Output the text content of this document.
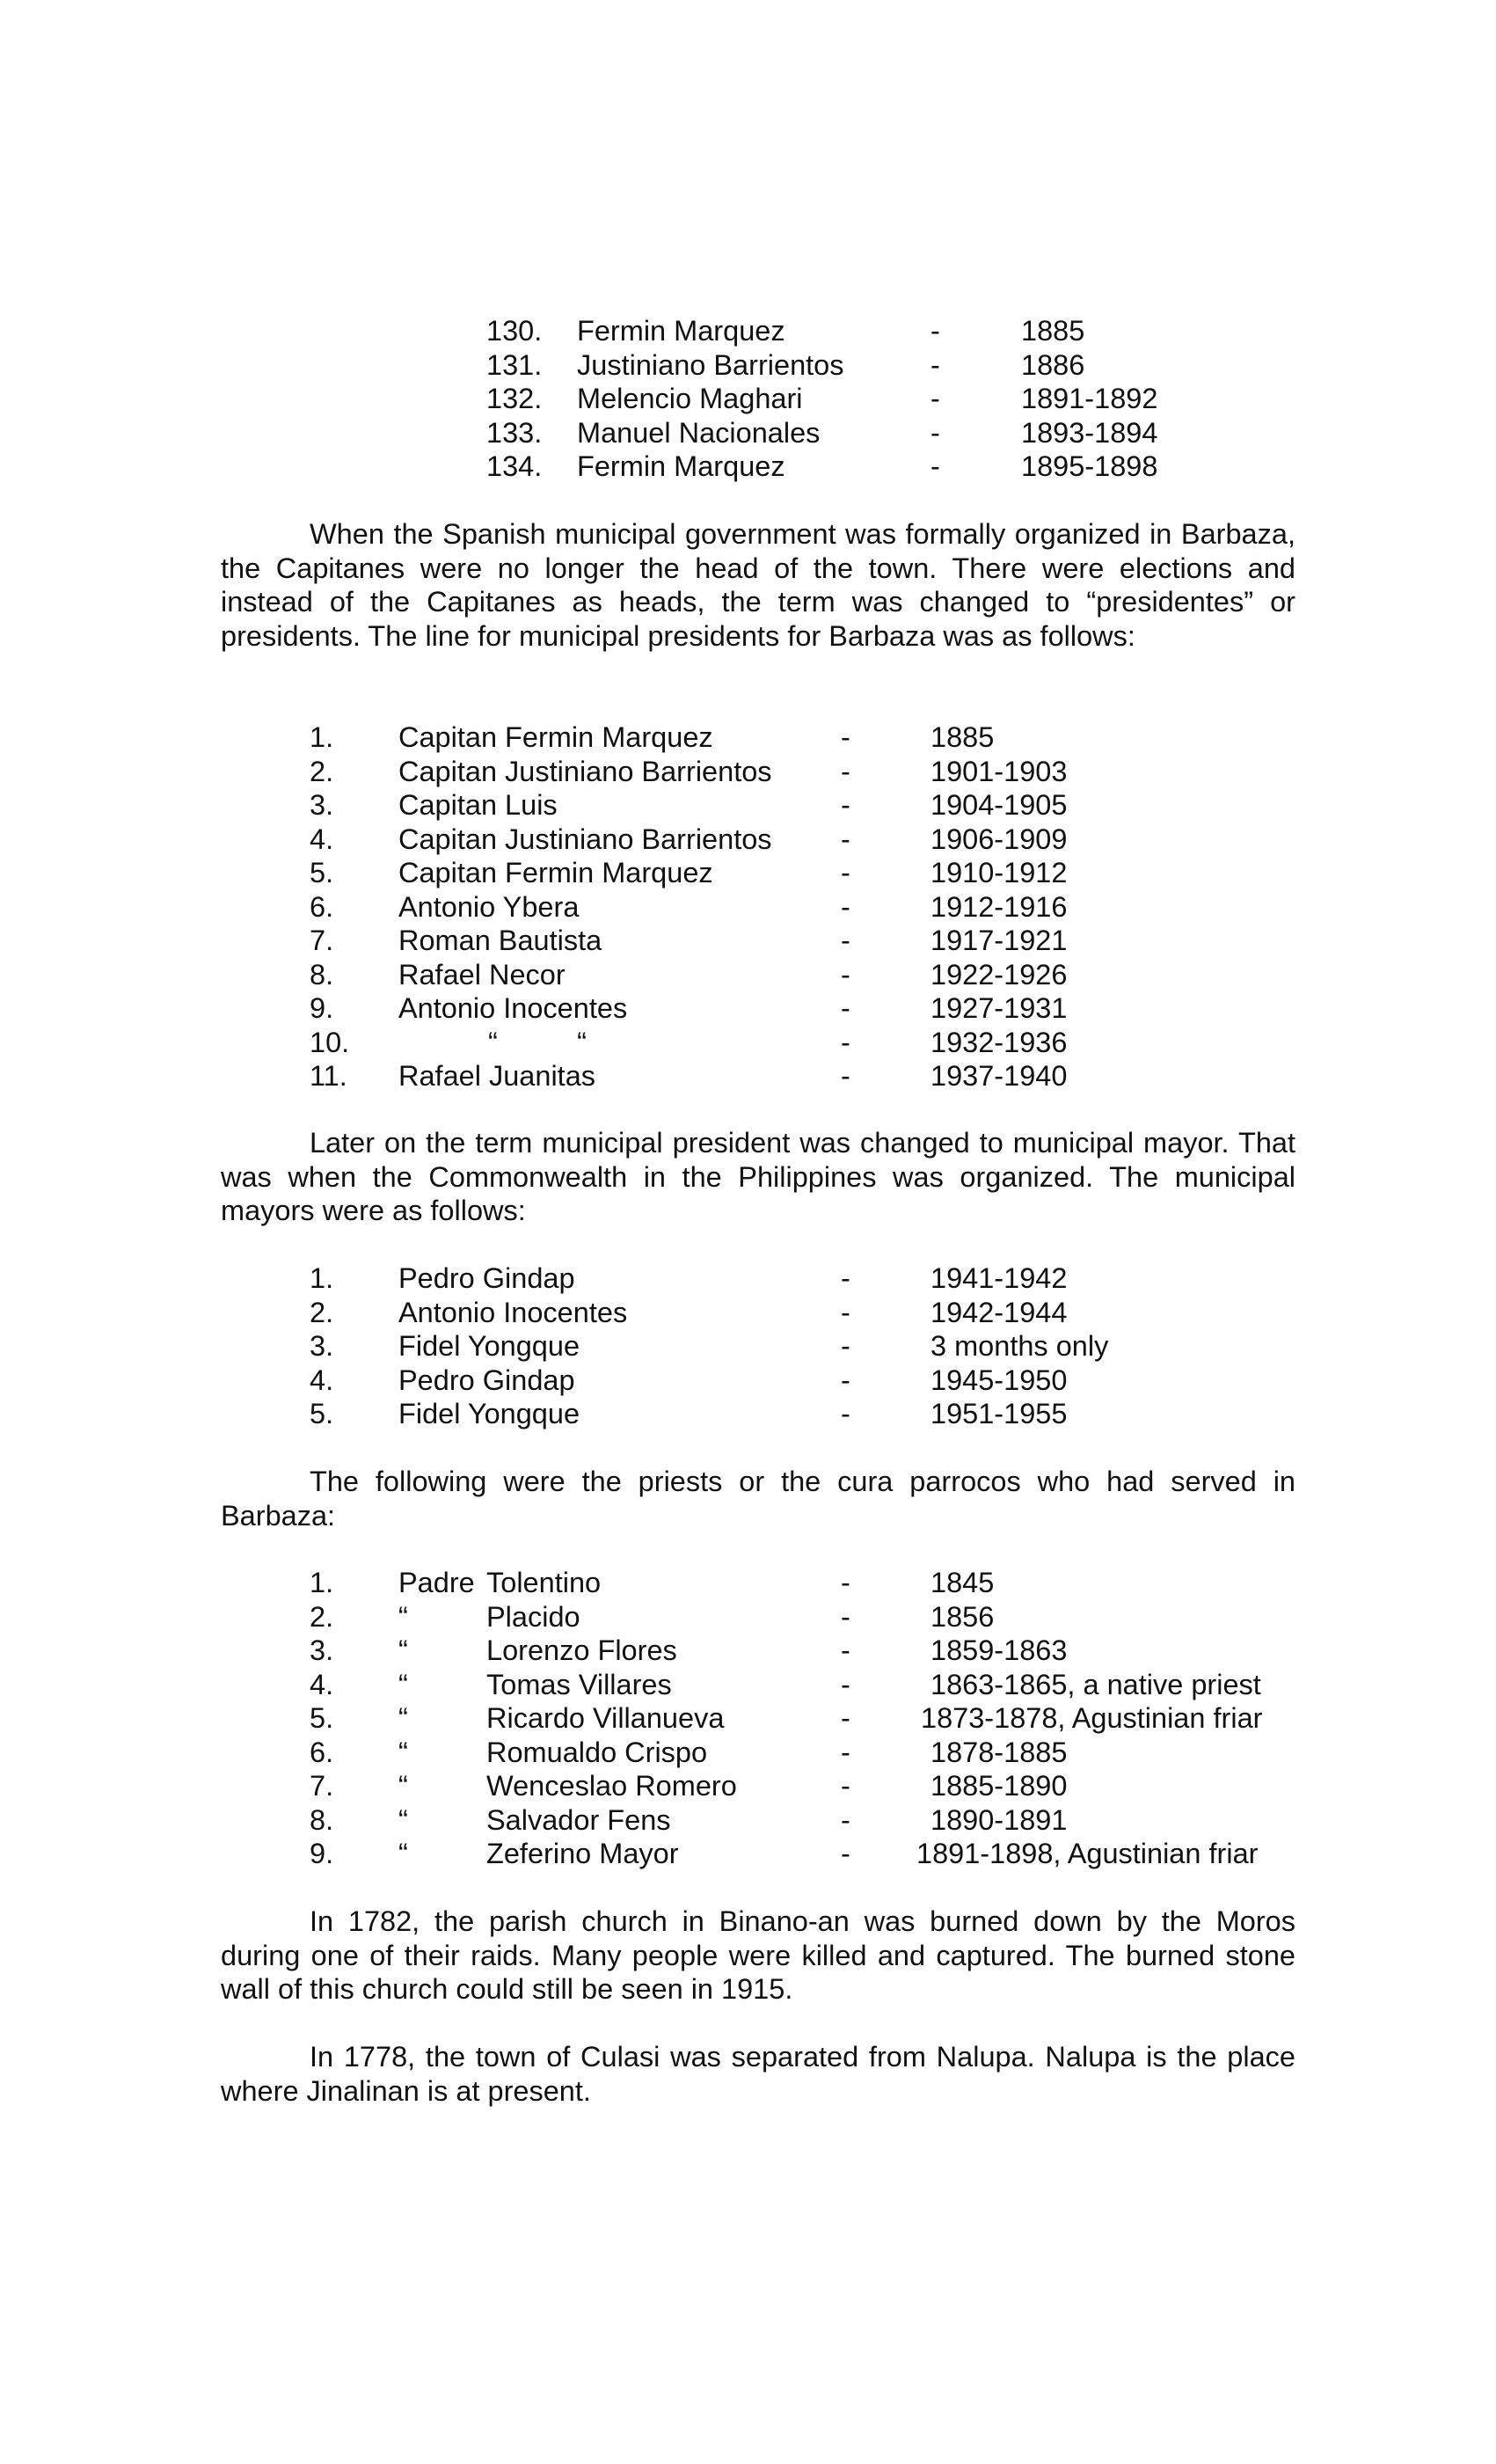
130. Fermin Marquez	-	1885
131. Justiniano Barrientos	-	1886
132. Melencio Maghari	-	1891-1892
133. Manuel Nacionales	-	1893-1894
134. Fermin Marquez	-	1895-1898

When the Spanish municipal government was formally organized in Barbaza, the Capitanes were no longer the head of the town. There were elections and instead of the Capitanes as heads, the term was changed to “presidentes” or presidents. The line for municipal presidents for Barbaza was as follows:

1. Capitan Fermin Marquez	-	1885
2. Capitan Justiniano Barrientos -	1901-1903
3. Capitan Luis	-	1904-1905
4. Capitan Justiniano Barrientos -	1906-1909
5. Capitan Fermin Marquez	-	1910-1912
6. Antonio Ybera	-	1912-1916
7. Roman Bautista	-	1917-1921
8. Rafael Necor	-	1922-1926
9. Antonio Inocentes	-	1927-1931
10.	“          “	-	1932-1936
11. Rafael Juanitas	-	1937-1940

Later on the term municipal president was changed to municipal mayor. That was when the Commonwealth in the Philippines was organized. The municipal mayors were as follows:

1. Pedro Gindap	-	1941-1942
2. Antonio Inocentes	-	1942-1944
3. Fidel Yongque	-	3 months only
4. Pedro Gindap	-	1945-1950
5. Fidel Yongque	-	1951-1955

The following were the priests or the cura parrocos who had served in Barbaza:

1. Padre Tolentino	-	1845
2. “	Placido	-	1856
3. “	Lorenzo Flores	-	1859-1863
4. “	Tomas Villares	-	1863-1865, a native priest
5. “	Ricardo Villanueva	- 1873-1878, Agustinian friar
6. “	Romualdo Crispo	-	1878-1885
7. “	Wenceslao Romero	-	1885-1890
8. “	Salvador Fens	-	1890-1891
9. “	Zeferino Mayor	- 1891-1898, Agustinian friar

In 1782, the parish church in Binano-an was burned down by the Moros during one of their raids. Many people were killed and captured. The burned stone wall of this church could still be seen in 1915.

In 1778, the town of Culasi was separated from Nalupa. Nalupa is the place where Jinalinan is at present.
